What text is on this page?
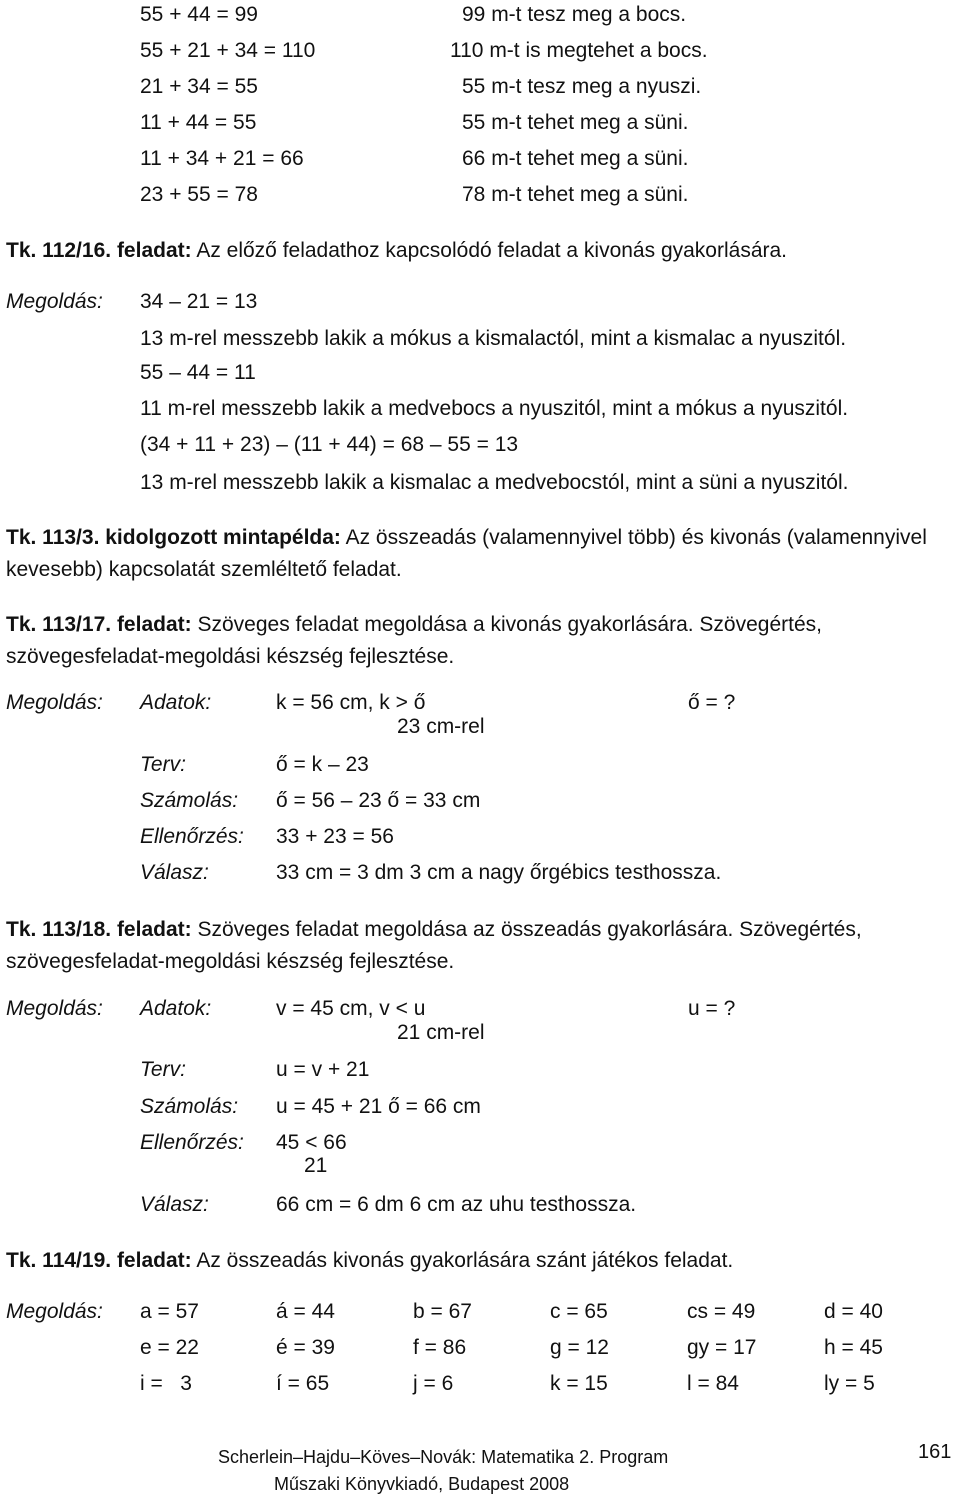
55 + 44 = 99	99 m-t tesz meg a bocs.
55 + 21 + 34 = 110	110 m-t is megtehet a bocs.
21 + 34 = 55	55 m-t tesz meg a nyuszi.
11 + 44 = 55	55 m-t tehet meg a süni.
11 + 34 + 21 = 66	66 m-t tehet meg a süni.
23 + 55 = 78	78 m-t tehet meg a süni.
Tk. 112/16. feladat: Az előző feladathoz kapcsolódó feladat a kivonás gyakorlására.
Megoldás: 34 – 21 = 13
13 m-rel messzebb lakik a mókus a kismalactól, mint a kismalac a nyuszitól.
55 – 44 = 11
11 m-rel messzebb lakik a medvebocs a nyuszitól, mint a mókus a nyuszitól.
(34 + 11 + 23) – (11 + 44) = 68 – 55 = 13
13 m-rel messzebb lakik a kismalac a medvebocstól, mint a süni a nyuszitól.
Tk. 113/3. kidolgozott mintapélda: Az összeadás (valamennyivel több) és kivonás (valamennyivel kevesebb) kapcsolatát szemléltető feladat.
Tk. 113/17. feladat: Szöveges feladat megoldása a kivonás gyakorlására. Szövegértés, szövegesfeladat-megoldási készség fejlesztése.
Megoldás: Adatok:	k = 56 cm, k > ő
23 cm-rel
ő = ?
Terv:	ő = k – 23
Számolás: ő = 56 – 23 ő = 33 cm
Ellenőrzés: 33 + 23 = 56
Válasz:	33 cm = 3 dm 3 cm a nagy őrgébics testhossza.
Tk. 113/18. feladat: Szöveges feladat megoldása az összeadás gyakorlására. Szövegértés, szövegesfeladat-megoldási készség fejlesztése.
Megoldás: Adatok:	v = 45 cm, v < u
21 cm-rel
u = ?
Terv:	u = v + 21
Számolás: u = 45 + 21 ő = 66 cm
Ellenőrzés: 45 < 66
21
Válasz:	66 cm = 6 dm 6 cm az uhu testhossza.
Tk. 114/19. feladat: Az összeadás kivonás gyakorlására szánt játékos feladat.
Megoldás: a = 57	á = 44	b = 67	c = 65	cs = 49	d = 40
e = 22	é = 39	f = 86	g = 12	gy = 17	h = 45
i =   3	í = 65	j = 6	k = 15	l = 84	ly = 5
Scherlein–Hajdu–Köves–Novák: Matematika 2. Program	161
Műszaki Könyvkiadó, Budapest 2008
